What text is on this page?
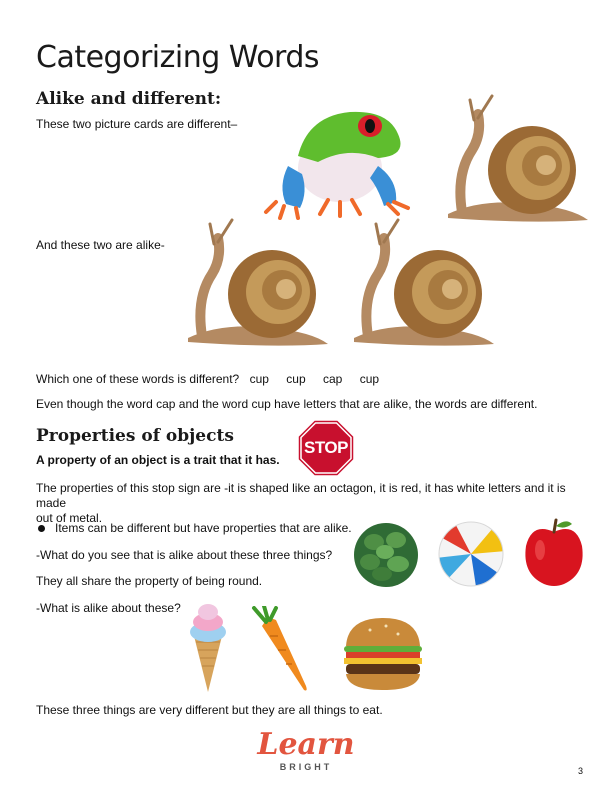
Categorizing Words
Alike and different:
These two picture cards are different–
And these two are alike-
Which one of these words is different? cup cup cap cup
Even though the word cap and the word cup have letters that are alike, the words are different.
Properties of objects
A property of an object is a trait that it has.
STOP
The properties of this stop sign are -it is shaped like an octagon, it is red, it has white letters and it is made
out of metal.
Items can be different but have properties that are alike.
-What do you see that is alike about these three things?
They all share the property of being round.
-What is alike about these?
These three things are very different but they are all things to eat.
Learn
BRIGHT	3
